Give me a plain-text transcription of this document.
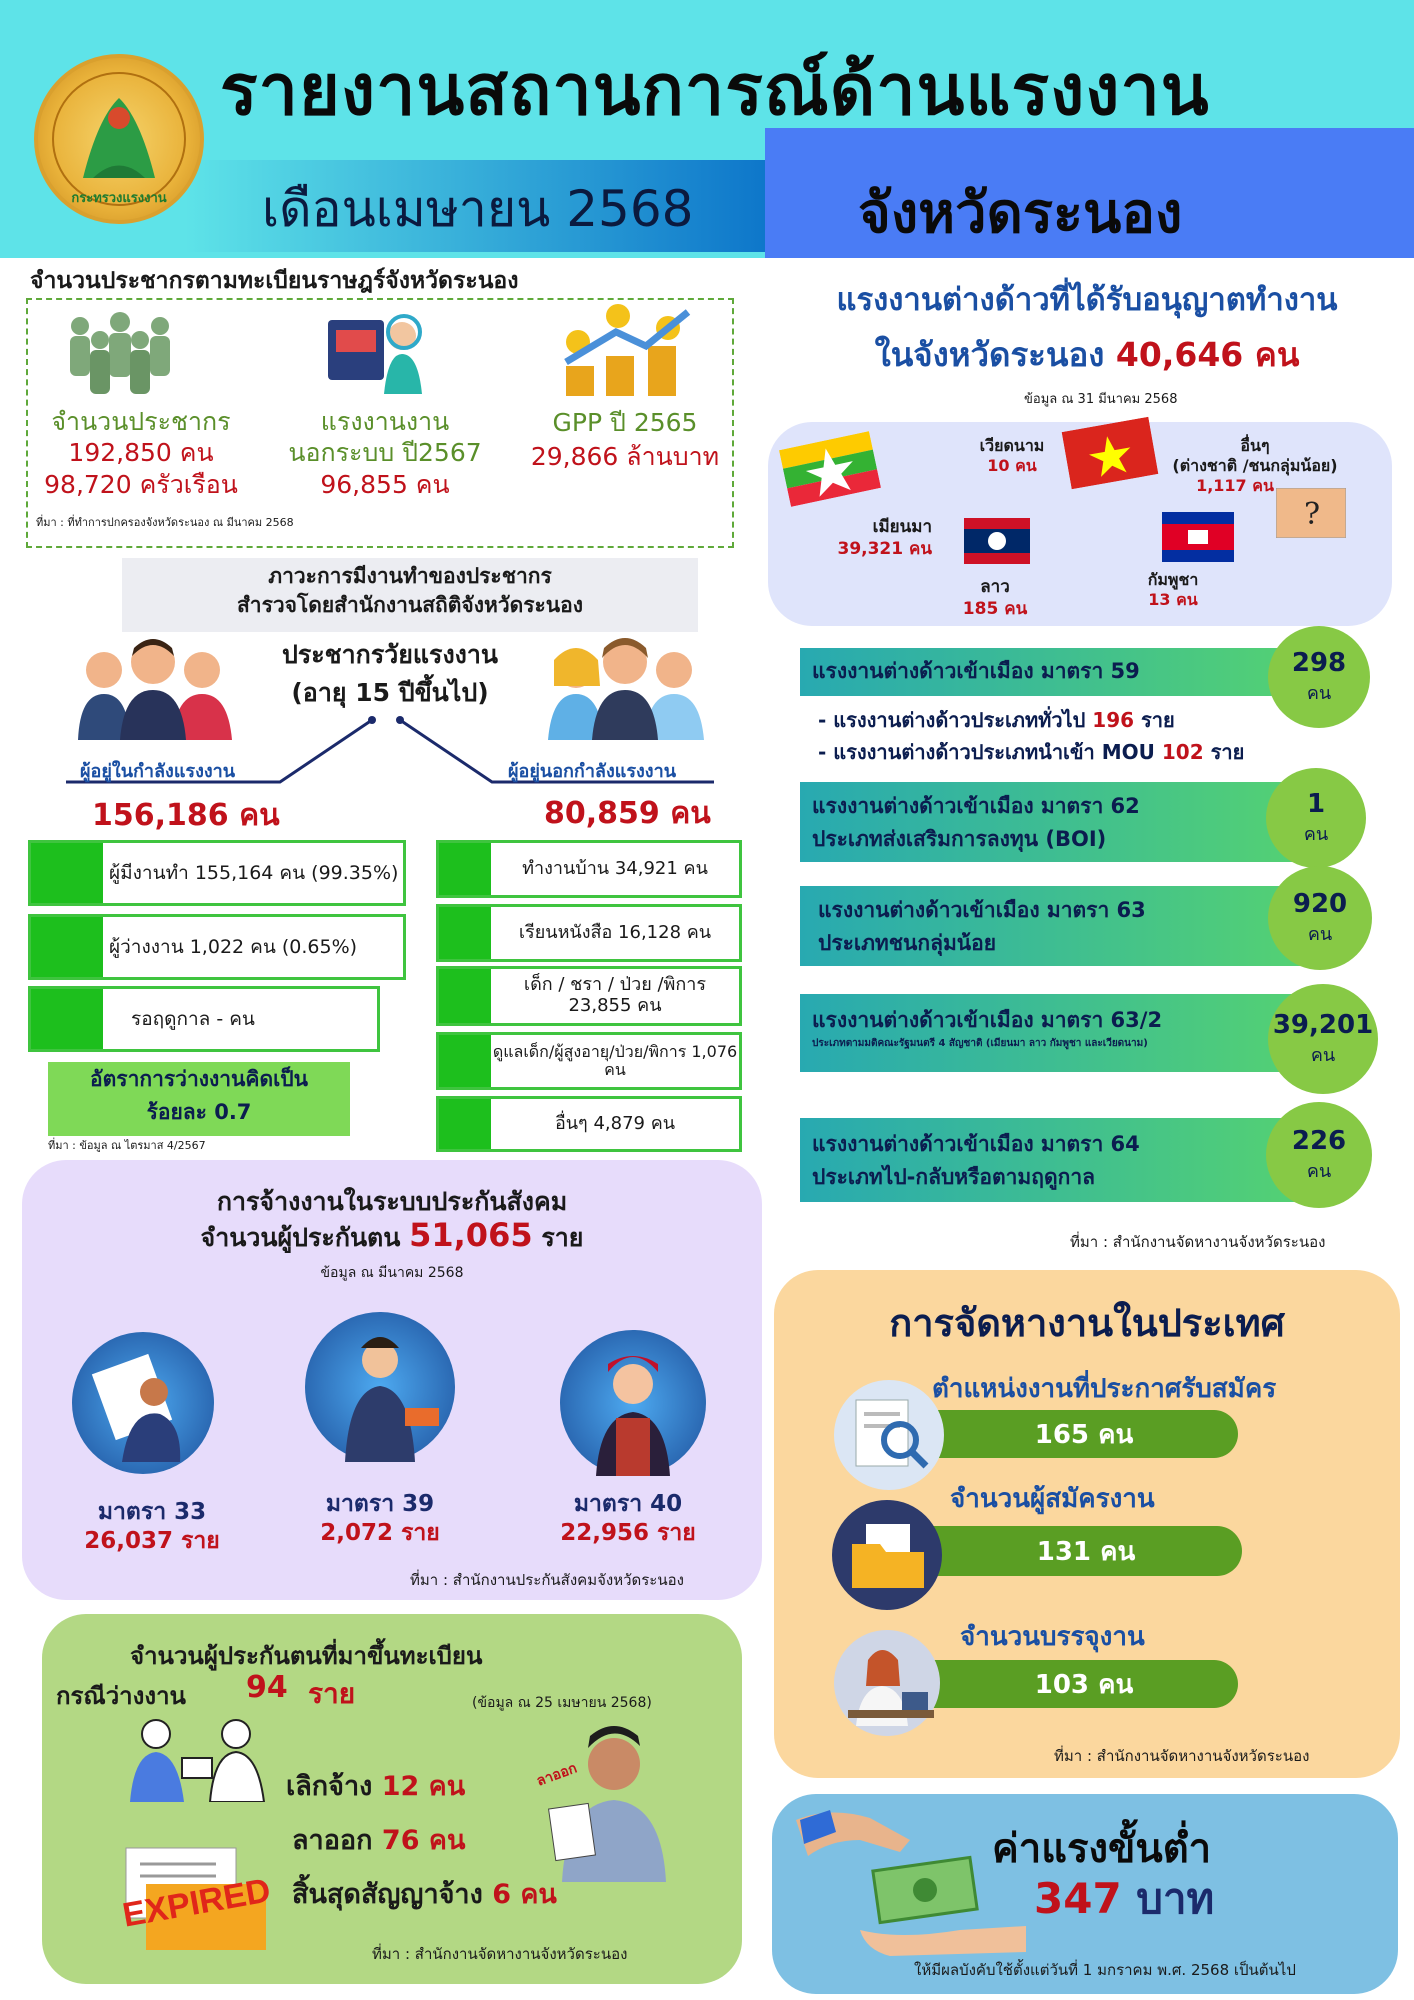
กระทรวงแรงงาน
รายงานสถานการณ์ด้านแรงงาน
เดือนเมษายน 2568	จังหวัดระนอง
จำนวนประชากรตามทะเบียนราษฎร์จังหวัดระนอง
จำนวนประชากร
192,850 คน
98,720 ครัวเรือน
แรงงานงาน
นอกระบบ ปี2567
96,855 คน
GPP ปี 2565
29,866 ล้านบาท
ที่มา : ที่ทำการปกครองจังหวัดระนอง ณ มีนาคม 2568
ภาวะการมีงานทำของประชากร
สำรวจโดยสำนักงานสถิติจังหวัดระนอง
ประชากรวัยแรงงาน
(อายุ 15 ปีขึ้นไป)
ผู้อยู่ในกำลังแรงงาน	ผู้อยู่นอกกำลังแรงงาน
156,186 คน	80,859 คน
ผู้มีงานทำ 155,164 คน (99.35%)
ผู้ว่างงาน 1,022 คน (0.65%)
รอฤดูกาล - คน
อัตราการว่างงานคิดเป็น
ร้อยละ 0.7
ที่มา : ข้อมูล ณ ไตรมาส 4/2567
ทำงานบ้าน 34,921 คน
เรียนหนังสือ 16,128 คน
เด็ก / ชรา / ป่วย /พิการ 23,855 คน
ดูแลเด็ก/ผู้สูงอายุ/ป่วย/พิการ 1,076 คน
อื่นๆ 4,879 คน
การจ้างงานในระบบประกันสังคม
จำนวนผู้ประกันตน 51,065 ราย
ข้อมูล ณ มีนาคม 2568
มาตรา 33
26,037 ราย
มาตรา 39
2,072 ราย
มาตรา 40
22,956 ราย
ที่มา : สำนักงานประกันสังคมจังหวัดระนอง
จำนวนผู้ประกันตนที่มาขึ้นทะเบียน
กรณีว่างงาน 94 ราย	(ข้อมูล ณ 25 เมษายน 2568)
EXPIRED
ลาออก
เลิกจ้าง 12 คน
ลาออก 76 คน
สิ้นสุดสัญญาจ้าง 6 คน
ที่มา : สำนักงานจัดหางานจังหวัดระนอง
แรงงานต่างด้าวที่ได้รับอนุญาตทำงาน
ในจังหวัดระนอง 40,646 คน
ข้อมูล ณ 31 มีนาคม 2568
?
เมียนมา
39,321 คน
เวียดนาม
10 คน
อื่นๆ
(ต่างชาติ /ชนกลุ่มน้อย)
1,117 คน
ลาว
185 คน
กัมพูชา
13 คน
แรงงานต่างด้าวเข้าเมือง มาตรา 59	298
คน
- แรงงานต่างด้าวประเภททั่วไป 196 ราย
- แรงงานต่างด้าวประเภทนำเข้า MOU 102 ราย
แรงงานต่างด้าวเข้าเมือง มาตรา 62
ประเภทส่งเสริมการลงทุน (BOI)
1
คน
แรงงานต่างด้าวเข้าเมือง มาตรา 63
ประเภทชนกลุ่มน้อย
920
คน
แรงงานต่างด้าวเข้าเมือง มาตรา 63/2
ประเภทตามมติคณะรัฐมนตรี 4 สัญชาติ (เมียนมา ลาว กัมพูชา และเวียดนาม)
39,201
คน
แรงงานต่างด้าวเข้าเมือง มาตรา 64
ประเภทไป-กลับหรือตามฤดูกาล
226
คน
ที่มา : สำนักงานจัดหางานจังหวัดระนอง
การจัดหางานในประเทศ
ตำแหน่งงานที่ประกาศรับสมัคร
165 คน
จำนวนผู้สมัครงาน
131 คน
จำนวนบรรจุงาน
103 คน
ที่มา : สำนักงานจัดหางานจังหวัดระนอง
ค่าแรงขั้นต่ำ
347 บาท
ให้มีผลบังคับใช้ตั้งแต่วันที่ 1 มกราคม พ.ศ. 2568 เป็นต้นไป
